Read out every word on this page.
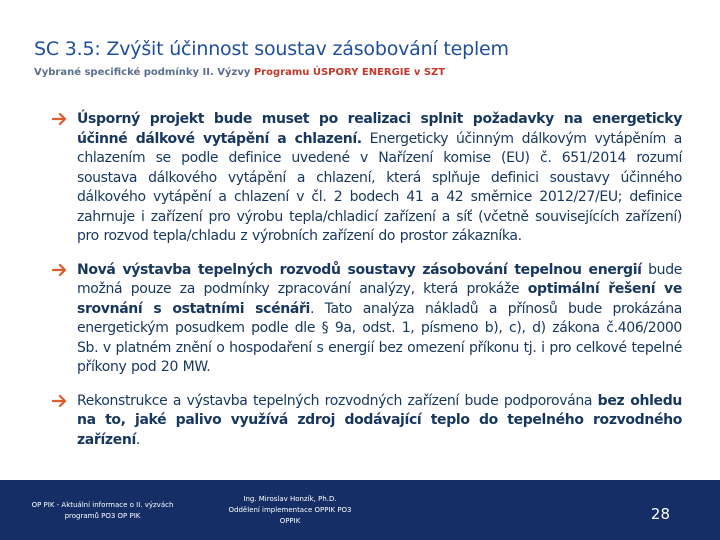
SC 3.5: Zvýšit účinnost soustav zásobování teplem

Vybrané specifické podmínky II. Výzvy Programu ÚSPORY ENERGIE v SZT

Úsporný projekt bude muset po realizaci splnit požadavky na energeticky účinné dálkové vytápění a chlazení. Energeticky účinným dálkovým vytápěním a chlazením se podle definice uvedené v Nařízení komise (EU) č. 651/2014 rozumí soustava dálkového vytápění a chlazení, která splňuje definici soustavy účinného dálkového vytápění a chlazení v čl. 2 bodech 41 a 42 směrnice 2012/27/EU; definice zahrnuje i zařízení pro výrobu tepla/chladicí zařízení a síť (včetně souvisejících zařízení) pro rozvod tepla/chladu z výrobních zařízení do prostor zákazníka.
Nová výstavba tepelných rozvodů soustavy zásobování tepelnou energií bude možná pouze za podmínky zpracování analýzy, která prokáže optimální řešení ve srovnání s ostatními scénáři. Tato analýza nákladů a přínosů bude prokázána energetickým posudkem podle dle § 9a, odst. 1, písmeno b), c), d) zákona č.406/2000 Sb. v platném znění o hospodaření s energií bez omezení příkonu tj. i pro celkové tepelné příkony pod 20 MW.
Rekonstrukce a výstavba tepelných rozvodných zařízení bude podporována bez ohledu na to, jaké palivo využívá zdroj dodávající teplo do tepelného rozvodného zařízení.
OP PIK - Aktuální informace o II. výzvách
programů PO3 OP PIK
Ing. Miroslav Honzík, Ph.D.
Oddělení implementace OPPIK PO3
OPPIK	28
